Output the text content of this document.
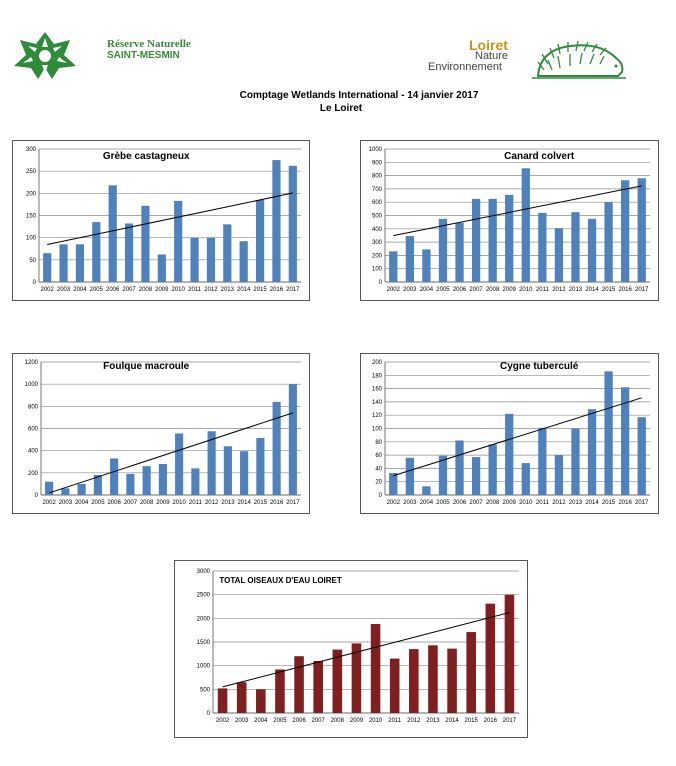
Réserve Naturelle
SAINT-MESMIN
Loiret
Nature
Environnement
Comptage Wetlands International - 14 janvier 2017
Le Loiret
0
50
100
150
200
250
300
2002 2003 2004 2005 2006 2007 2008 2009 2010 2011 2012 2013 2014 2015 2016 2017
Grèbe castagneux
0
100
200
300
400
500
600
700
800
900
1000
2002 2003 2004 2005 2006 2007 2008 2009 2010 2011 2012 2013 2014 2015 2016 2017
Canard colvert
0
200
400
600
800
1000
1200
2002 2003 2004 2005 2006 2007 2008 2009 2010 2011 2012 2013 2014 2015 2016 2017
Foulque macroule
0
20
40
60
80
100
120
140
160
180
200
2002 2003 2004 2005 2006 2007 2008 2009 2010 2011 2012 2013 2014 2015 2016 2017
Cygne tuberculé
0
500
1000
1500
2000
2500
3000
2002 2003 2004 2005 2006 2007 2008 2009 2010 2011 2012 2013 2014 2015 2016 2017
TOTAL OISEAUX D'EAU LOIRET
